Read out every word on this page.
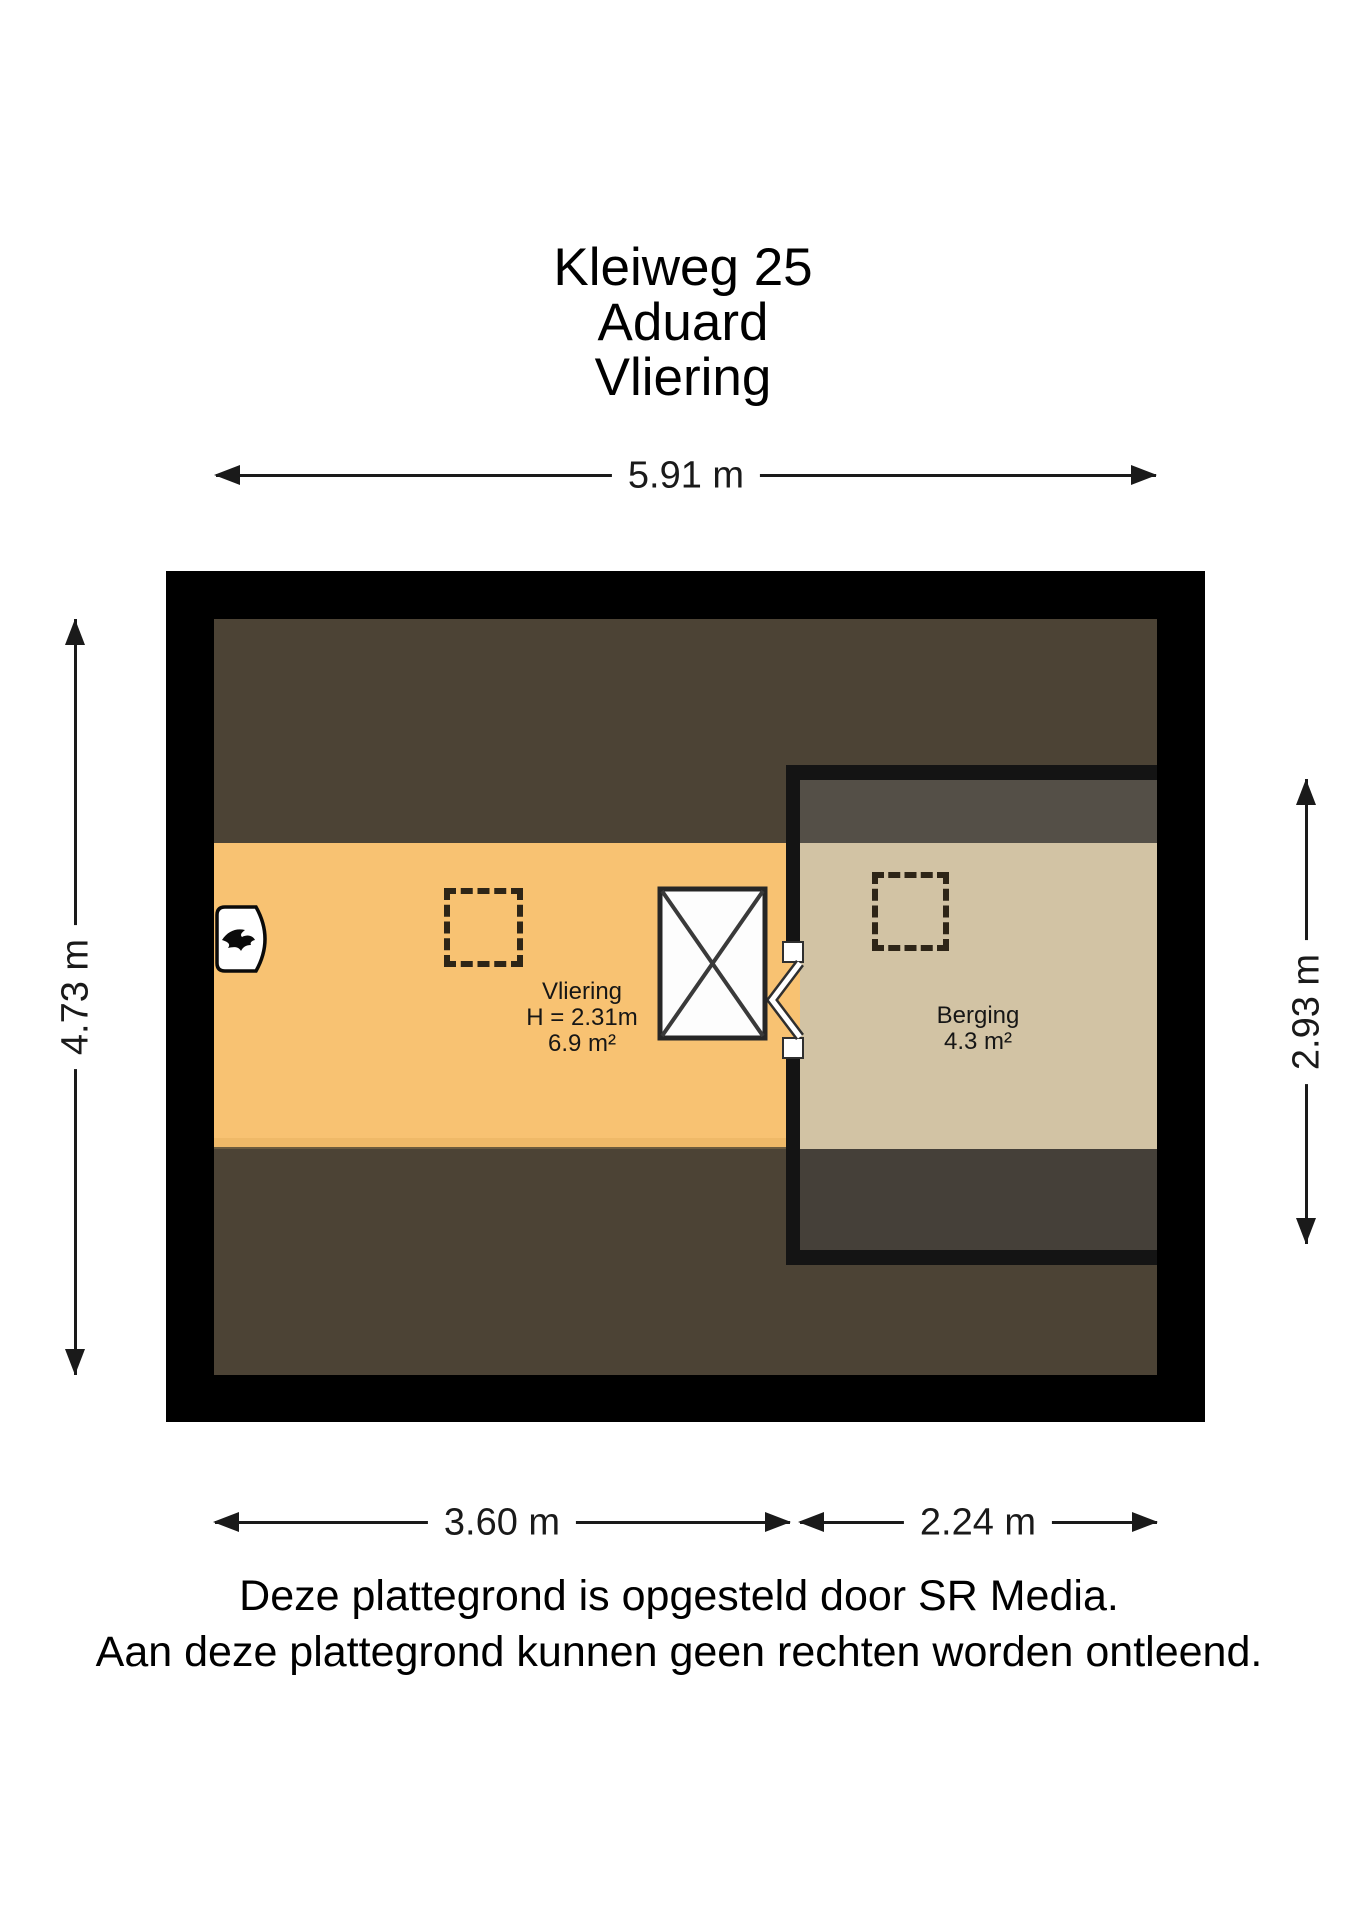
Kleiweg 25
Aduard
Vliering
5.91 m
4.73 m	2.93 m
Vliering
H = 2.31m
6.9 m²
Berging
4.3 m²
3.60 m	2.24 m
Deze plattegrond is opgesteld door SR Media.
Aan deze plattegrond kunnen geen rechten worden ontleend.
